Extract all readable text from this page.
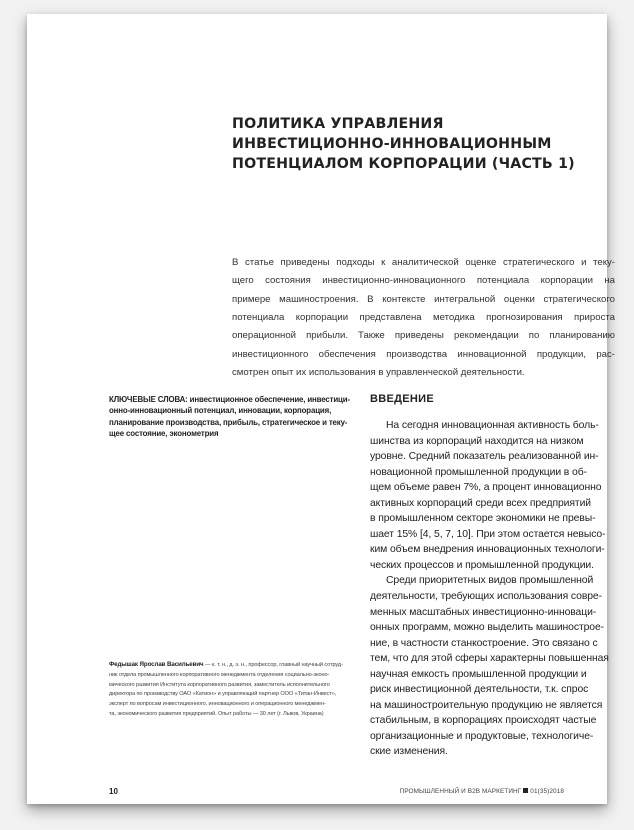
ПОЛИТИКА УПРАВЛЕНИЯ
ИНВЕСТИЦИОННО-ИННОВАЦИОННЫМ
ПОТЕНЦИАЛОМ КОРПОРАЦИИ (ЧАСТЬ 1)
В статье приведены подходы к аналитической оценке стратегического и теку-
щего состояния инвестиционно-инновационного потенциала корпорации на
примере машиностроения. В контексте интегральной оценки стратегического
потенциала корпорации представлена методика прогнозирования прироста
операционной прибыли. Также приведены рекомендации по планированию
инвестиционного обеспечения производства инновационной продукции, рас-
смотрен опыт их использования в управленческой деятельности.
КЛЮЧЕВЫЕ СЛОВА: инвестиционное обеспечение, инвестици-
онно-инновационный потенциал, инновации, корпорация,
планирование производства, прибыль, стратегическое и теку-
щее состояние, эконометрия
Федышак Ярослав Васильевич — к. т. н., д. э. н., профессор, главный научный сотруд-
ник отдела промышленного корпоративного менеджмента отделения социально-эконо-
мического развития Института корпоративного развития, заместитель исполнительного
директора по производству ОАО «Катион» и управляющий партнер ООО «Титан-Инвест»,
эксперт по вопросам инвестиционного, инновационного и операционного менеджмен-
та, экономического развития предприятий. Опыт работы — 30 лет (г. Львов, Украина)
ВВЕДЕНИЕ
На сегодня инновационная активность боль-
шинства из корпораций находится на низком
уровне. Средний показатель реализованной ин-
новационной промышленной продукции в об-
щем объеме равен 7%, а процент инновационно
активных корпораций среди всех предприятий
в промышленном секторе экономики не превы-
шает 15% [4, 5, 7, 10]. При этом остается невысо-
ким объем внедрения инновационных технологи-
ческих процессов и промышленной продукции.
Среди приоритетных видов промышленной
деятельности, требующих использования совре-
менных масштабных инвестиционно-инноваци-
онных программ, можно выделить машинострое-
ние, в частности станкостроение. Это связано с
тем, что для этой сферы характерны повышенная
научная емкость промышленной продукции и
риск инвестиционной деятельности, т.к. спрос
на машиностроительную продукцию не является
стабильным, в корпорациях происходят частые
организационные и продуктовые, технологиче-
ские изменения.
10	ПРОМЫШЛЕННЫЙ И B2B МАРКЕТИНГ 01(35)2018
